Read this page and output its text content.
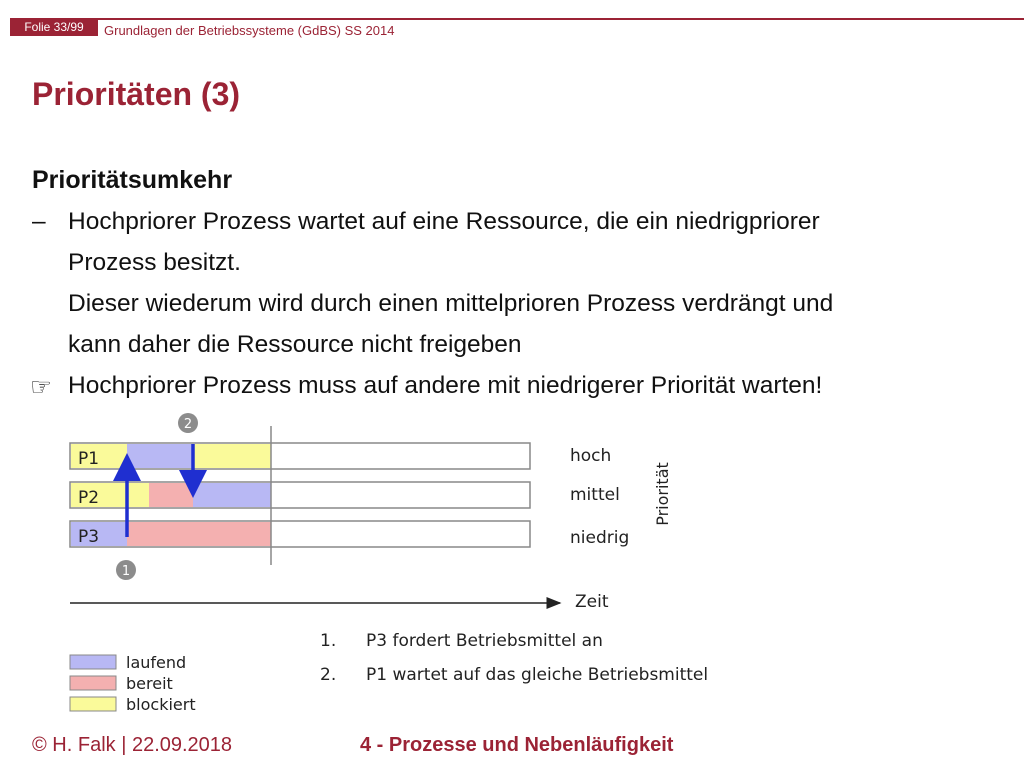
Folie 33/99	Grundlagen der Betriebssysteme (GdBS) SS 2014
Prioritäten (3)
Prioritätsumkehr
– Hochpriorer Prozess wartet auf eine Ressource, die ein niedrigpriorer
Prozess besitzt.
Dieser wiederum wird durch einen mittelprioren Prozess verdrängt und
kann daher die Ressource nicht freigeben
☞ Hochpriorer Prozess muss auf andere mit niedrigerer Priorität warten!
P1
P2
P3
2
1
hoch
mittel
niedrig
Priorität
Zeit
1. P3 fordert Betriebsmittel an
2. P1 wartet auf das gleiche Betriebsmittel
laufend
bereit
blockiert
© H. Falk | 22.09.2018	4 - Prozesse und Nebenläufigkeit
